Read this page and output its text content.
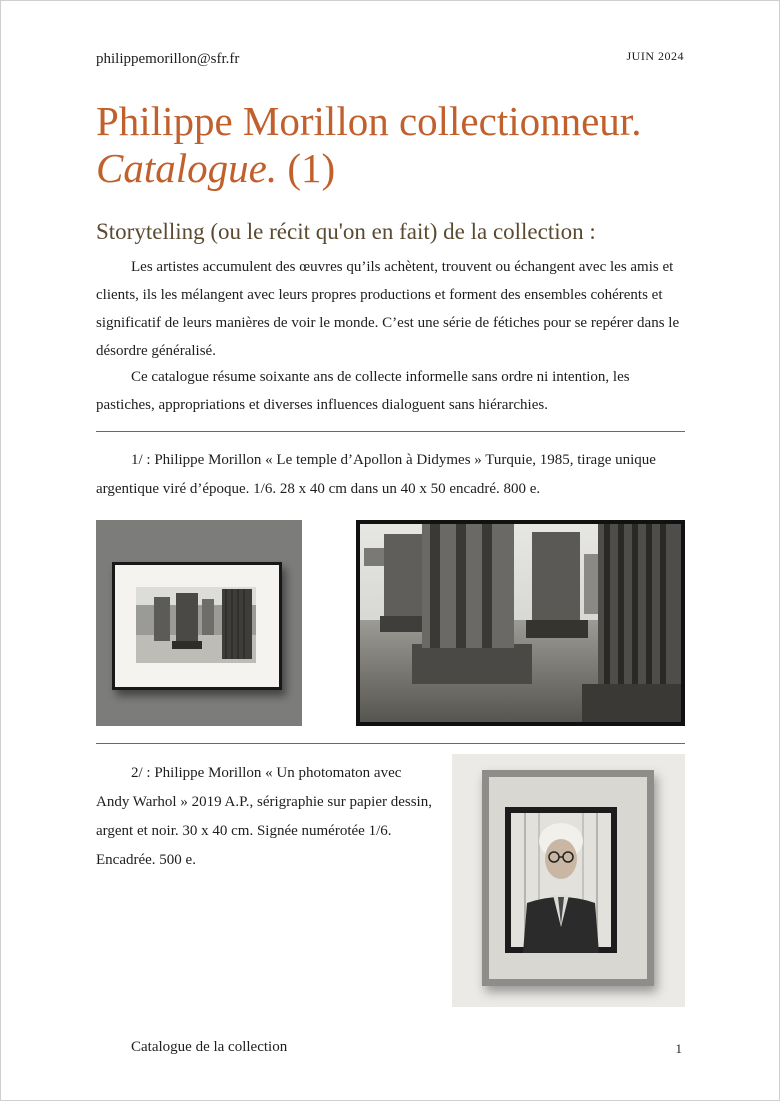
philippemorillon@sfr.fr	JUIN 2024
Philippe Morillon collectionneur.
Catalogue. (1)
Storytelling (ou le récit qu'on en fait) de la collection :
Les artistes accumulent des œuvres qu’ils achètent, trouvent ou échangent avec les amis et clients, ils les mélangent avec leurs propres productions et forment des ensembles cohérents et significatif de leurs manières de voir le monde. C’est une série de fétiches pour se repérer dans le désordre généralisé.
Ce catalogue résume soixante ans de collecte informelle sans ordre ni intention, les pastiches, appropriations et diverses influences dialoguent sans hiérarchies.
1/ : Philippe Morillon « Le temple d’Apollon à Didymes » Turquie, 1985, tirage unique argentique viré d’époque. 1/6. 28 x 40 cm dans un 40 x 50 encadré. 800 e.
2/ : Philippe Morillon « Un photomaton avec Andy Warhol » 2019 A.P., sérigraphie sur papier dessin, argent et noir. 30 x 40 cm. Signée numérotée 1/6. Encadrée. 500 e.
Catalogue de la collection	1
